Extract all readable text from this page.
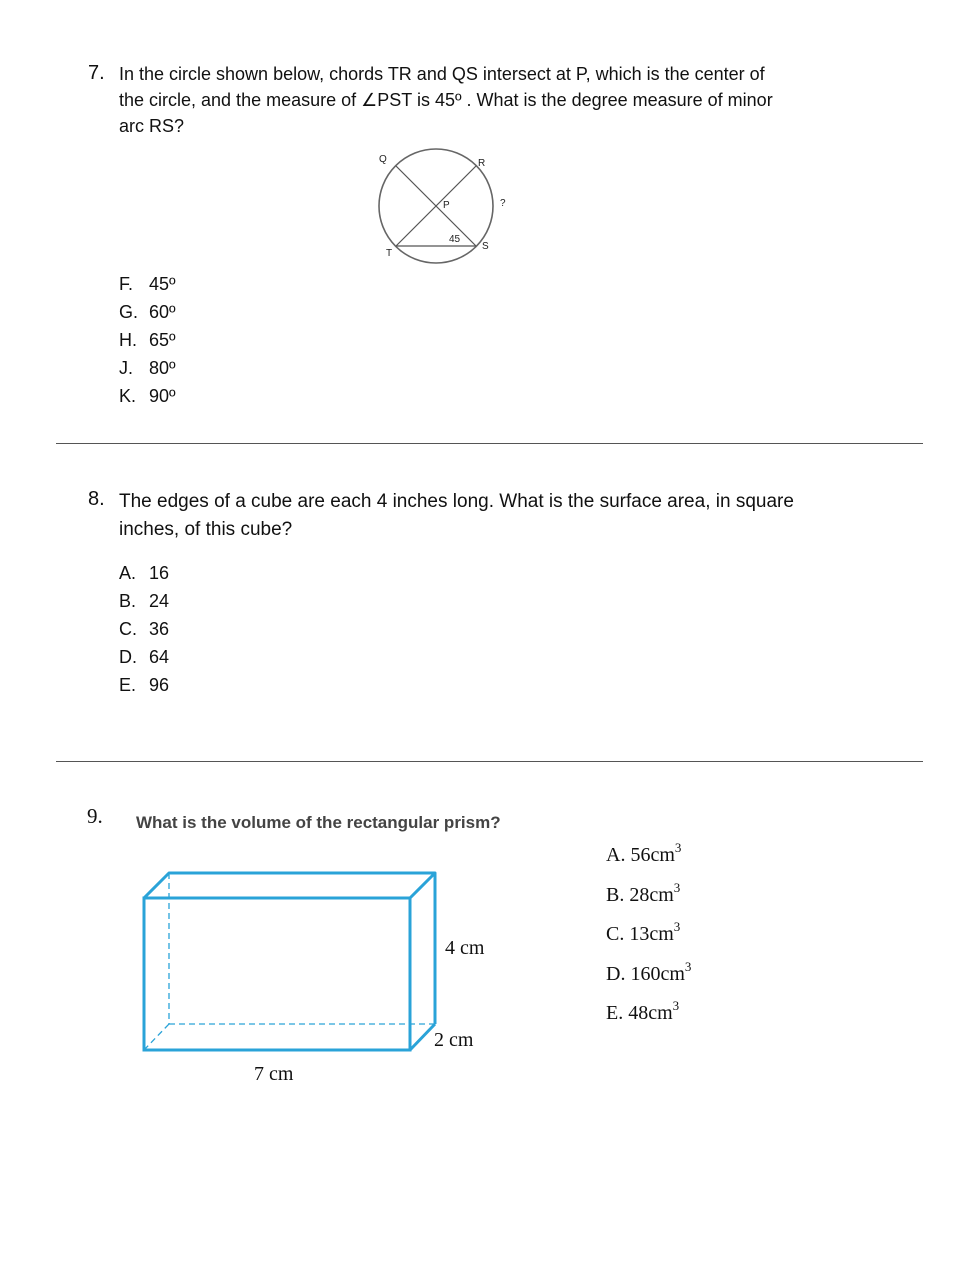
7. In the circle shown below, chords TR and QS intersect at P, which is the center of
the circle, and the measure of ∠PST is 45º . What is the degree measure of minor
arc RS?
Q	R
P
T
S
?
45
F. 45º
G. 60º
H. 65º
J. 80º
K. 90º
8. The edges of a cube are each 4 inches long. What is the surface area, in square
inches, of this cube?
A. 16
B. 24
C. 36
D. 64
E. 96
9. What is the volume of the rectangular prism?
4 cm
2 cm
7 cm
A. $56cm^3$
B. $28cm^3$
C. $13cm^3$
D. $160cm^3$
E. $48cm^3$
